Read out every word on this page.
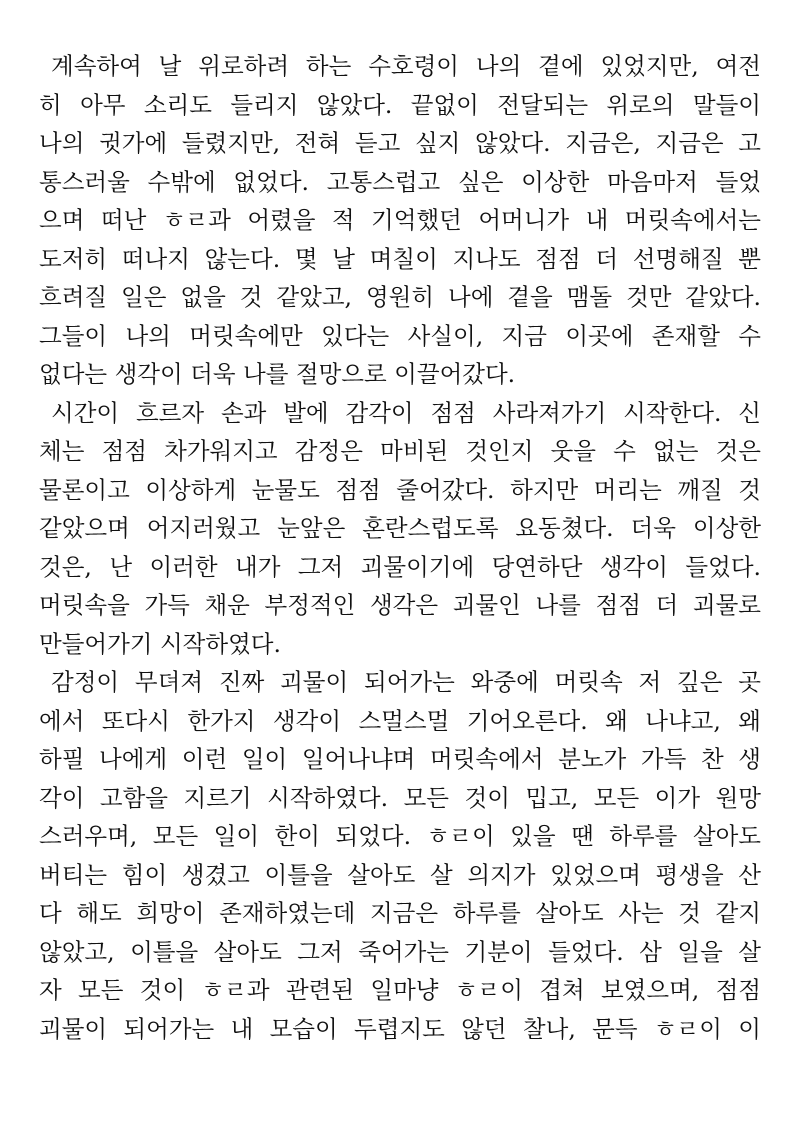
계속하여 날 위로하려 하는 수호령이 나의 곁에 있었지만, 여전
히 아무 소리도 들리지 않았다. 끝없이 전달되는 위로의 말들이
나의 귓가에 들렸지만, 전혀 듣고 싶지 않았다. 지금은, 지금은 고
통스러울 수밖에 없었다. 고통스럽고 싶은 이상한 마음마저 들었
으며 떠난 ㅎㄹ과 어렸을 적 기억했던 어머니가 내 머릿속에서는
도저히 떠나지 않는다. 몇 날 며칠이 지나도 점점 더 선명해질 뿐
흐려질 일은 없을 것 같았고, 영원히 나에 곁을 맴돌 것만 같았다.
그들이 나의 머릿속에만 있다는 사실이, 지금 이곳에 존재할 수
없다는 생각이 더욱 나를 절망으로 이끌어갔다.
시간이 흐르자 손과 발에 감각이 점점 사라져가기 시작한다. 신
체는 점점 차가워지고 감정은 마비된 것인지 웃을 수 없는 것은
물론이고 이상하게 눈물도 점점 줄어갔다. 하지만 머리는 깨질 것
같았으며 어지러웠고 눈앞은 혼란스럽도록 요동쳤다. 더욱 이상한
것은, 난 이러한 내가 그저 괴물이기에 당연하단 생각이 들었다.
머릿속을 가득 채운 부정적인 생각은 괴물인 나를 점점 더 괴물로
만들어가기 시작하였다.
감정이 무뎌져 진짜 괴물이 되어가는 와중에 머릿속 저 깊은 곳
에서 또다시 한가지 생각이 스멀스멀 기어오른다. 왜 나냐고, 왜
하필 나에게 이런 일이 일어나냐며 머릿속에서 분노가 가득 찬 생
각이 고함을 지르기 시작하였다. 모든 것이 밉고, 모든 이가 원망
스러우며, 모든 일이 한이 되었다. ㅎㄹ이 있을 땐 하루를 살아도
버티는 힘이 생겼고 이틀을 살아도 살 의지가 있었으며 평생을 산
다 해도 희망이 존재하였는데 지금은 하루를 살아도 사는 것 같지
않았고, 이틀을 살아도 그저 죽어가는 기분이 들었다. 삼 일을 살
자 모든 것이 ㅎㄹ과 관련된 일마냥 ㅎㄹ이 겹쳐 보였으며, 점점
괴물이 되어가는 내 모습이 두렵지도 않던 찰나, 문득 ㅎㄹ이 이
